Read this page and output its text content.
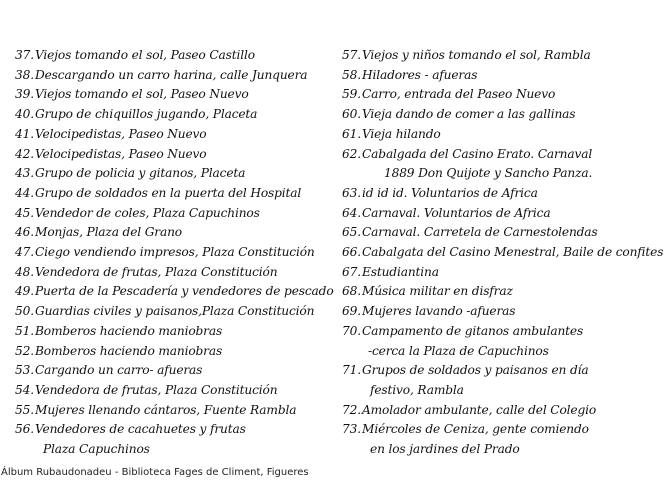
37.Viejos tomando el sol, Paseo Castillo
38.Descargando un carro harina, calle Junquera
39.Viejos tomando el sol, Paseo Nuevo
40.Grupo de chiquillos jugando, Placeta
41.Velocipedistas, Paseo Nuevo
42.Velocipedistas, Paseo Nuevo
43.Grupo de policia y gitanos, Placeta
44.Grupo de soldados en la puerta del Hospital
45.Vendedor de coles, Plaza Capuchinos
46.Monjas, Plaza del Grano
47.Ciego vendiendo impresos, Plaza Constitución
48.Vendedora de frutas, Plaza Constitución
49.Puerta de la Pescadería y vendedores de pescado
50.Guardias civiles y paisanos,Plaza Constitución
51.Bomberos haciendo maniobras
52.Bomberos haciendo maniobras
53.Cargando un carro- afueras
54.Vendedora de frutas, Plaza Constitución
55.Mujeres llenando cántaros, Fuente Rambla
56.Vendedores de cacahuetes y frutas
Plaza Capuchinos
57.Viejos y niños tomando el sol, Rambla
58.Hiladores - afueras
59.Carro, entrada del Paseo Nuevo
60.Vieja dando de comer a las gallinas
61.Vieja hilando
62.Cabalgada del Casino Erato. Carnaval
1889 Don Quijote y Sancho Panza.
63.id id id. Voluntarios de Africa
64.Carnaval. Voluntarios de Africa
65.Carnaval. Carretela de Carnestolendas
66.Cabalgata del Casino Menestral, Baile de confites
67.Estudiantina
68.Música militar en disfraz
69.Mujeres lavando -afueras
70.Campamento de gitanos ambulantes
-cerca la Plaza de Capuchinos
71.Grupos de soldados y paisanos en día
festivo, Rambla
72.Amolador ambulante, calle del Colegio
73.Miércoles de Ceniza, gente comiendo
en los jardines del Prado
Álbum Rubaudonadeu - Biblioteca Fages de Climent, Figueres
